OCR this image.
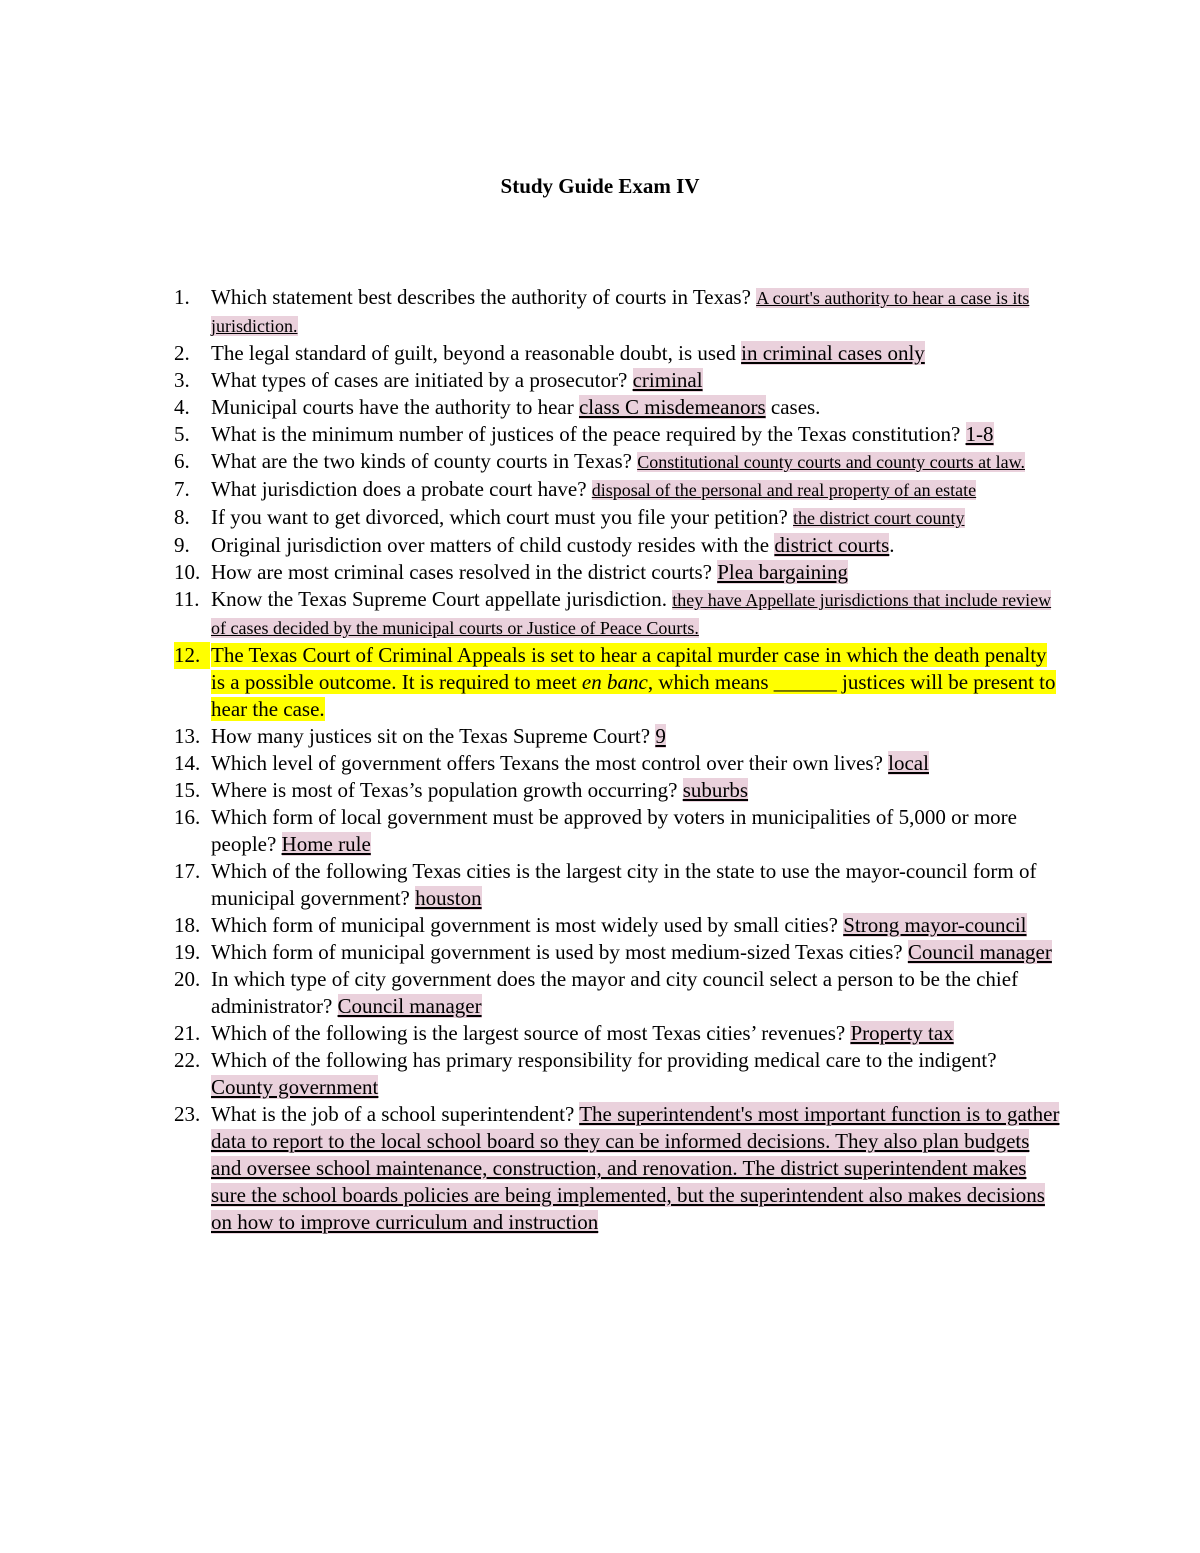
Study Guide Exam IV
1.	Which statement best describes the authority of courts in Texas? A court's authority to hear a case is its jurisdiction.
2.	The legal standard of guilt, beyond a reasonable doubt, is used in criminal cases only
3.	What types of cases are initiated by a prosecutor? criminal
4.	Municipal courts have the authority to hear class C misdemeanors cases.
5.	What is the minimum number of justices of the peace required by the Texas constitution? 1-8
6.	What are the two kinds of county courts in Texas? Constitutional county courts and county courts at law.
7.	What jurisdiction does a probate court have? disposal of the personal and real property of an estate
8.	If you want to get divorced, which court must you file your petition? the district court county
9.	Original jurisdiction over matters of child custody resides with the district courts.
10. How are most criminal cases resolved in the district courts? Plea bargaining
11. Know the Texas Supreme Court appellate jurisdiction. they have Appellate jurisdictions that include review of cases decided by the municipal courts or Justice of Peace Courts.
12. The Texas Court of Criminal Appeals is set to hear a capital murder case in which the death penalty is a possible outcome. It is required to meet en banc, which means ______ justices will be present to hear the case.
13. How many justices sit on the Texas Supreme Court? 9
14. Which level of government offers Texans the most control over their own lives? local
15. Where is most of Texas’s population growth occurring? suburbs
16. Which form of local government must be approved by voters in municipalities of 5,000 or more people? Home rule
17. Which of the following Texas cities is the largest city in the state to use the mayor-council form of municipal government? houston
18. Which form of municipal government is most widely used by small cities? Strong mayor-council
19. Which form of municipal government is used by most medium-sized Texas cities? Council manager
20. In which type of city government does the mayor and city council select a person to be the chief administrator? Council manager
21. Which of the following is the largest source of most Texas cities’ revenues? Property tax
22. Which of the following has primary responsibility for providing medical care to the indigent? County government
23. What is the job of a school superintendent? The superintendent's most important function is to gather data to report to the local school board so they can be informed decisions. They also plan budgets and oversee school maintenance, construction, and renovation. The district superintendent makes sure the school boards policies are being implemented, but the superintendent also makes decisions on how to improve curriculum and instruction
